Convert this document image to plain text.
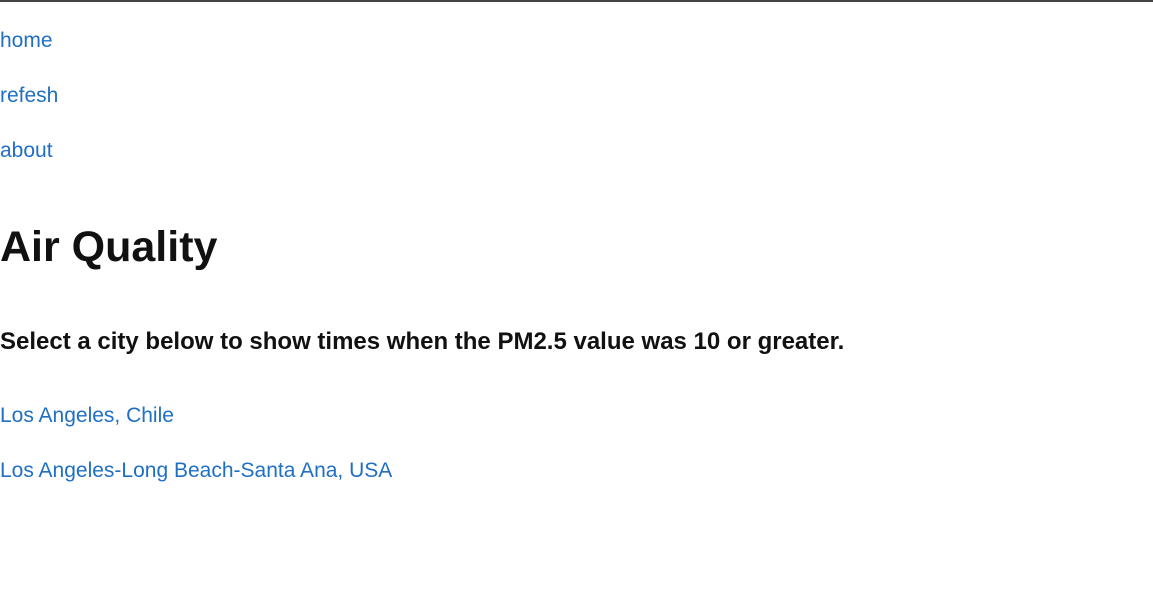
home
refesh
about
Air Quality
Select a city below to show times when the PM2.5 value was 10 or greater.
Los Angeles, Chile
Los Angeles-Long Beach-Santa Ana, USA
